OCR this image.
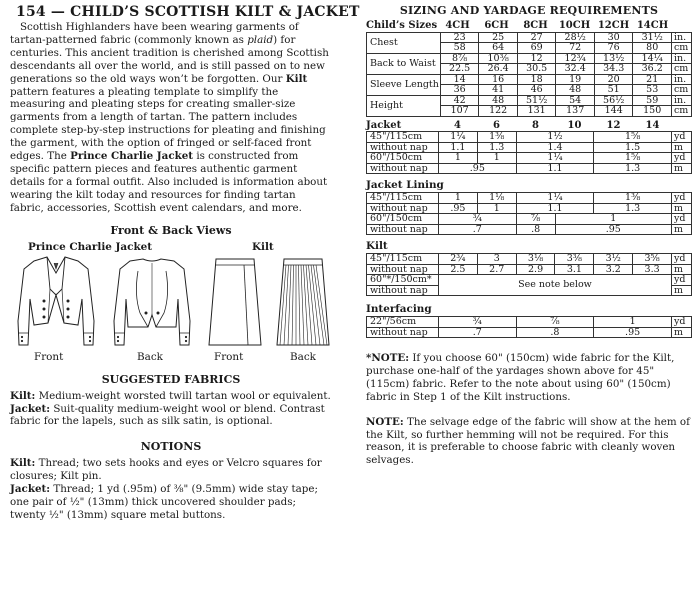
154 — CHILD’S SCOTTISH KILT & JACKET

Scottish Highlanders have been wearing garments of tartan-patterned fabric (commonly known as plaid) for centuries. This ancient tradition is cherished among Scottish descendants all over the world, and is still passed on to new generations so the old ways won’t be forgotten. Our Kilt pattern features a pleating template to simplify the measuring and pleating steps for creating smaller-size garments from a length of tartan. The pattern includes complete step-by-step instructions for pleating and finishing the garment, with the option of fringed or self-faced front edges. The Prince Charlie Jacket is constructed from specific pattern pieces and features authentic garment details for a formal outfit. Also included is information about wearing the kilt today and resources for finding tartan fabric, accessories, Scottish event calendars, and more.

Front & Back Views
Prince Charlie Jacket	Kilt
Front	Back	Front	Back
SUGGESTED FABRICS

Kilt: Medium-weight worsted twill tartan wool or equivalent.

Jacket: Suit-quality medium-weight wool or blend. Contrast fabric for the lapels, such as silk satin, is optional.

NOTIONS

Kilt: Thread; two sets hooks and eyes or Velcro squares for closures; Kilt pin.

Jacket: Thread; 1 yd (.95m) of ⅜" (9.5mm) wide stay tape; one pair of ½" (13mm) thick uncovered shoulder pads; twenty ½" (13mm) square metal buttons.

SIZING AND YARDAGE REQUIREMENTS
Child’s Sizes	4CH	6CH	8CH	10CH	12CH	14CH	
Chest	23	25	27	28½	30	31½	in.
	58	64	69	72	76	80	cm
Back to Waist	8⅞	10⅜	12	12¾	13½	14¼	in.
	22.5	26.4	30.5	32.4	34.3	36.2	cm
Sleeve Length	14	16	18	19	20	21	in.
	36	41	46	48	51	53	cm
Height	42	48	51½	54	56½	59	in.
	107	122	131	137	144	150	cm
Jacket	4	6	8	10	12	14	
45"/115cm	1¼	1⅜	1½	1⅝	yd
without nap	1.1	1.3	1.4	1.5	m
60"/150cm	1	1	1¼	1⅝	yd
without nap	.95		1.1	1.3	m
Jacket Lining
45"/115cm	1	1⅛	1¼		1⅜	yd
without nap	.95	1	1.1		1.3	m
60"/150cm	¾		⅞	1		yd
without nap	.7		.8	.95		m
Kilt
45"/115cm	2¾	3	3⅛	3⅜	3½	3⅝	yd
without nap	2.5	2.7	2.9	3.1	3.2	3.3	m
60"*/150cm*	See note below						yd
without nap							m
Interfacing
22"/56cm	¾	⅞	1	yd
without nap	.7	.8	.95	m

*NOTE: If you choose 60" (150cm) wide fabric for the Kilt, purchase one-half of the yardages shown above for 45" (115cm) fabric. Refer to the note about using 60" (150cm) fabric in Step 1 of the Kilt instructions.

NOTE: The selvage edge of the fabric will show at the hem of the Kilt, so further hemming will not be required. For this reason, it is preferable to choose fabric with cleanly woven selvages.
